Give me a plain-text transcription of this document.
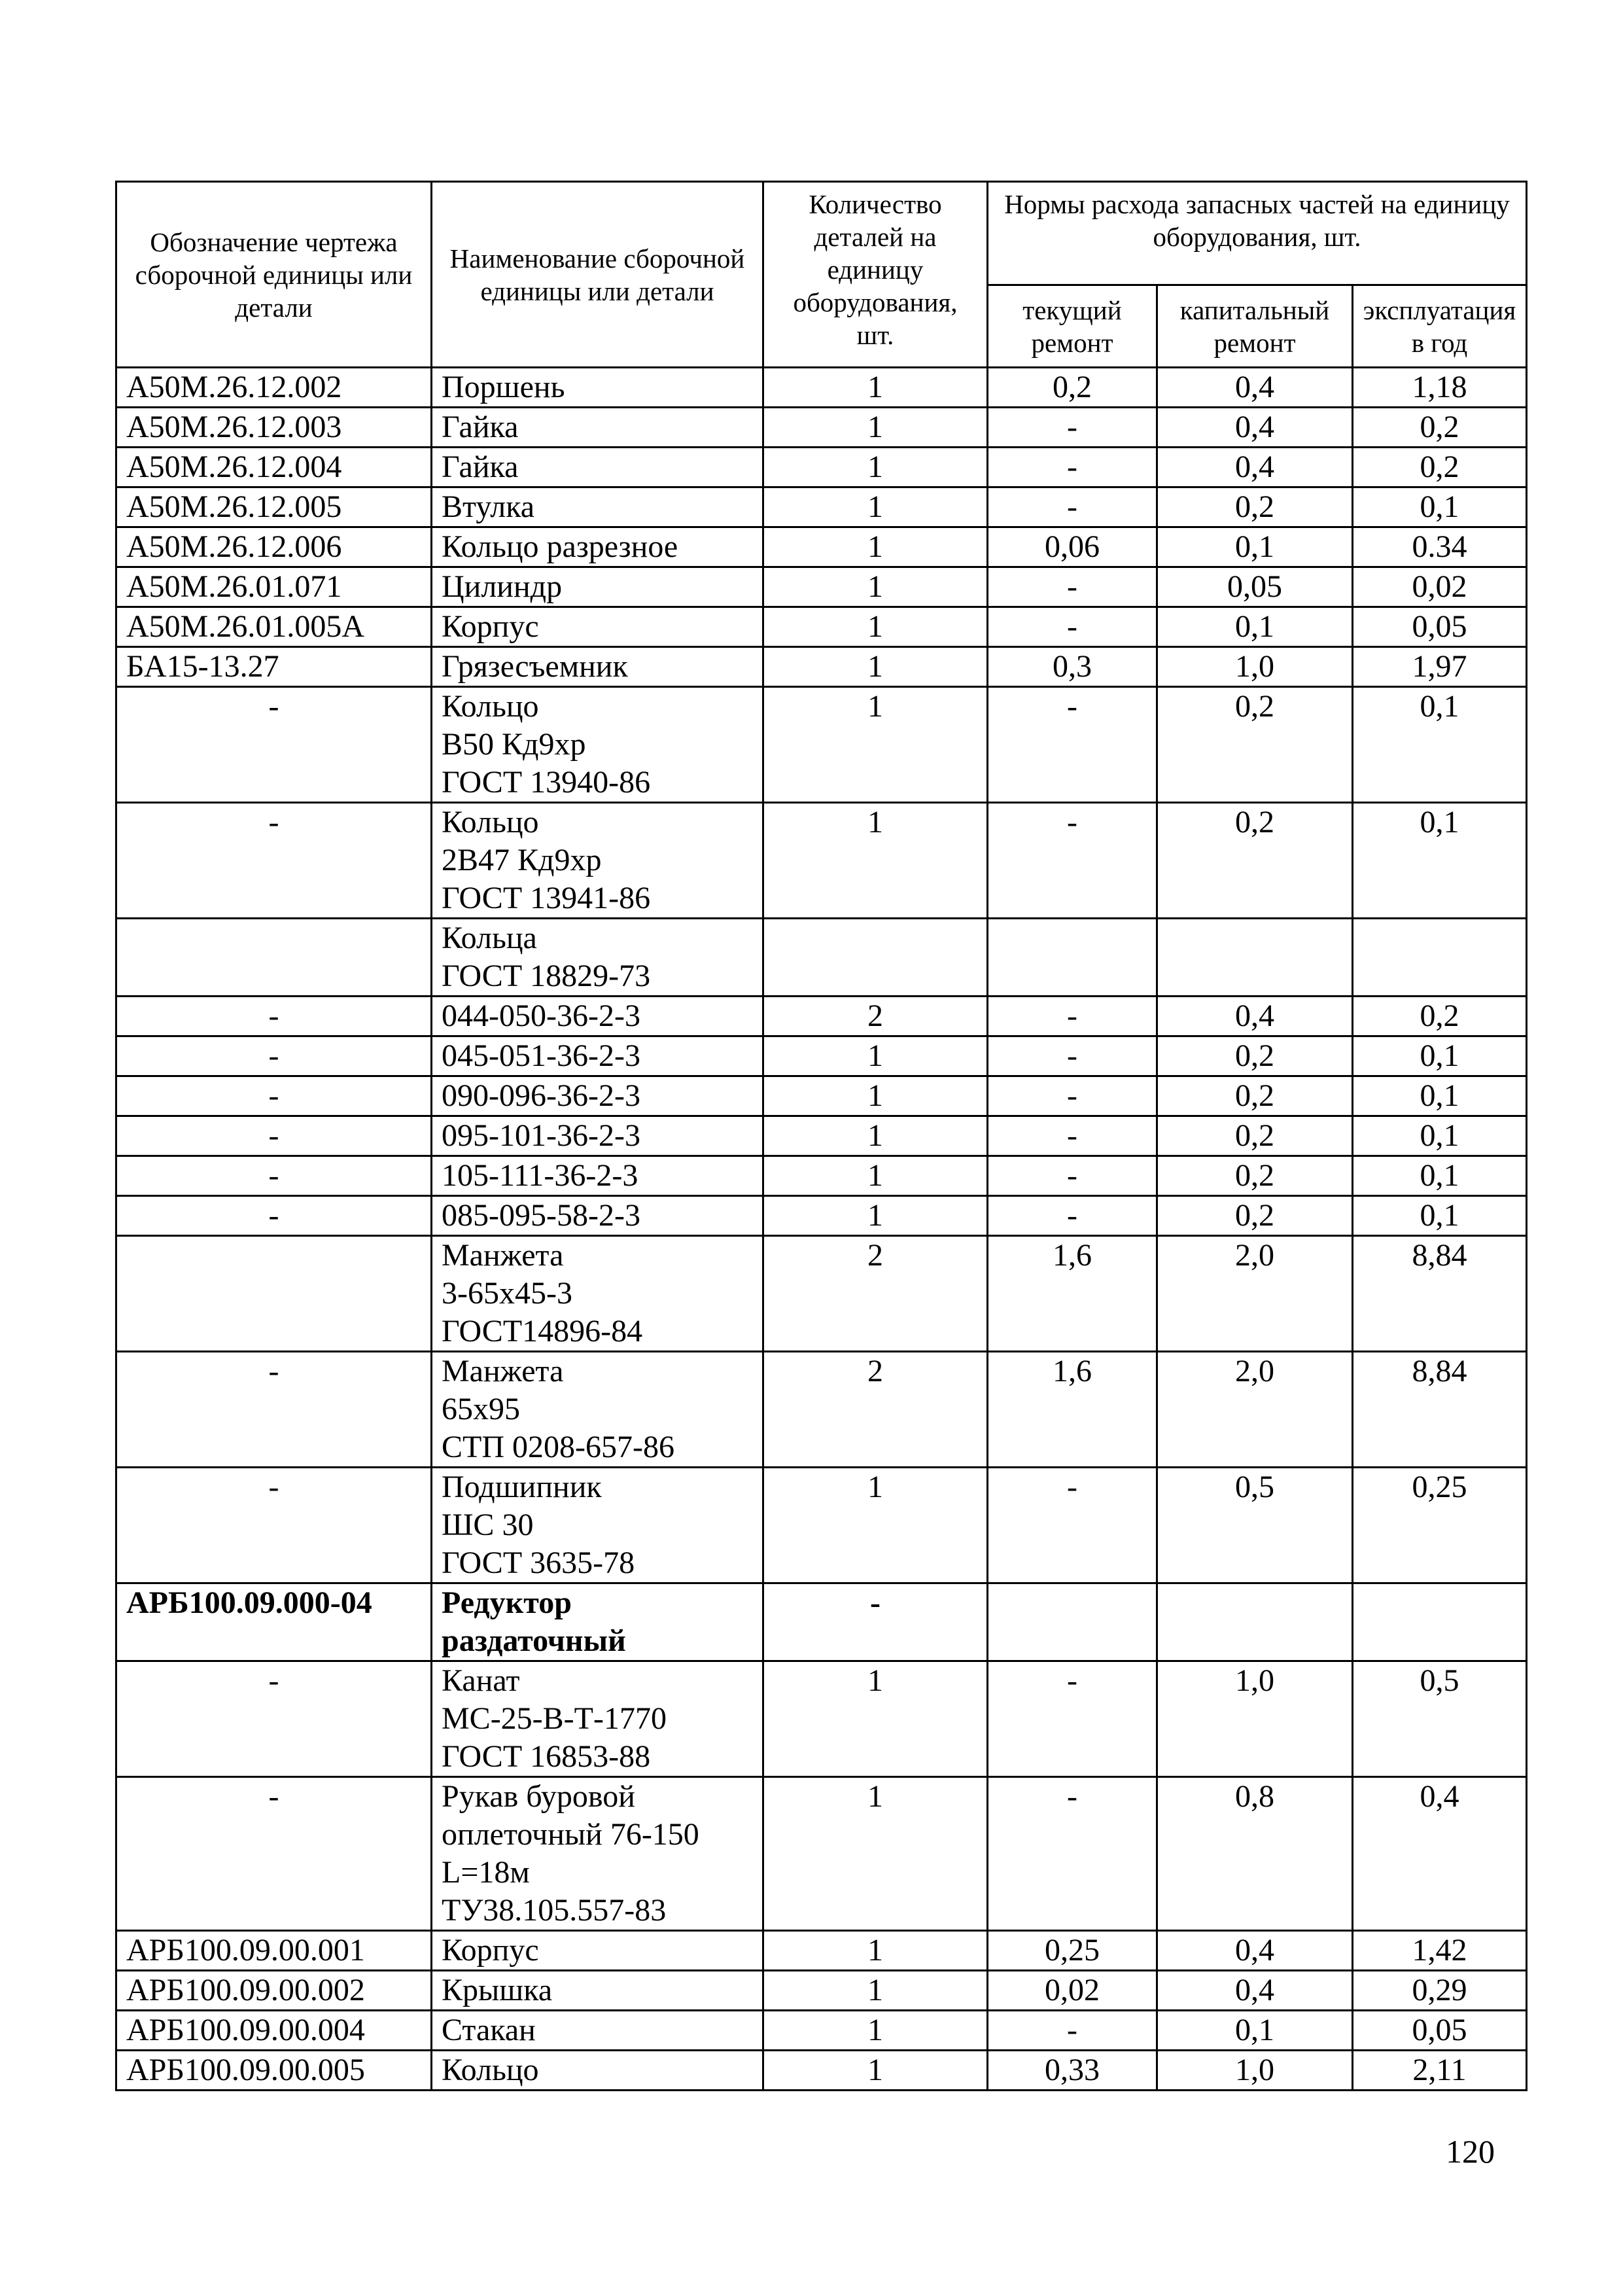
Обозначение чертежа сборочной единицы или детали	Наименование сборочной единицы или детали	Количество деталей на единицу оборудования, шт.	Нормы расхода запасных частей на единицу оборудования, шт.		
			текущий ремонт	капитальный ремонт	эксплуатация в год
А50М.26.12.002	Поршень	1	0,2	0,4	1,18
А50М.26.12.003	Гайка	1	-	0,4	0,2
А50М.26.12.004	Гайка	1	-	0,4	0,2
А50М.26.12.005	Втулка	1	-	0,2	0,1
А50М.26.12.006	Кольцо разрезное	1	0,06	0,1	0.34
А50М.26.01.071	Цилиндр	1	-	0,05	0,02
А50М.26.01.005А	Корпус	1	-	0,1	0,05
БА15-13.27	Грязесъемник	1	0,3	1,0	1,97
-	Кольцо
В50 Кд9хр
ГОСТ 13940-86	1	-	0,2	0,1
-	Кольцо
2В47 Кд9хр
ГОСТ 13941-86	1	-	0,2	0,1
	Кольца
ГОСТ 18829-73				
-	044-050-36-2-3	2	-	0,4	0,2
-	045-051-36-2-3	1	-	0,2	0,1
-	090-096-36-2-3	1	-	0,2	0,1
-	095-101-36-2-3	1	-	0,2	0,1
-	105-111-36-2-3	1	-	0,2	0,1
-	085-095-58-2-3	1	-	0,2	0,1
	Манжета
3-65х45-3
ГОСТ14896-84	2	1,6	2,0	8,84
-	Манжета
65х95
СТП 0208-657-86	2	1,6	2,0	8,84
-	Подшипник
ШС 30
ГОСТ 3635-78	1	-	0,5	0,25
АРБ100.09.000-04	Редуктор
раздаточный	-			
-	Канат
МС-25-В-Т-1770
ГОСТ 16853-88	1	-	1,0	0,5
-	Рукав буровой
оплеточный 76-150
L=18м
ТУ38.105.557-83	1	-	0,8	0,4
АРБ100.09.00.001	Корпус	1	0,25	0,4	1,42
АРБ100.09.00.002	Крышка	1	0,02	0,4	0,29
АРБ100.09.00.004	Стакан	1	-	0,1	0,05
АРБ100.09.00.005	Кольцо	1	0,33	1,0	2,11
120
